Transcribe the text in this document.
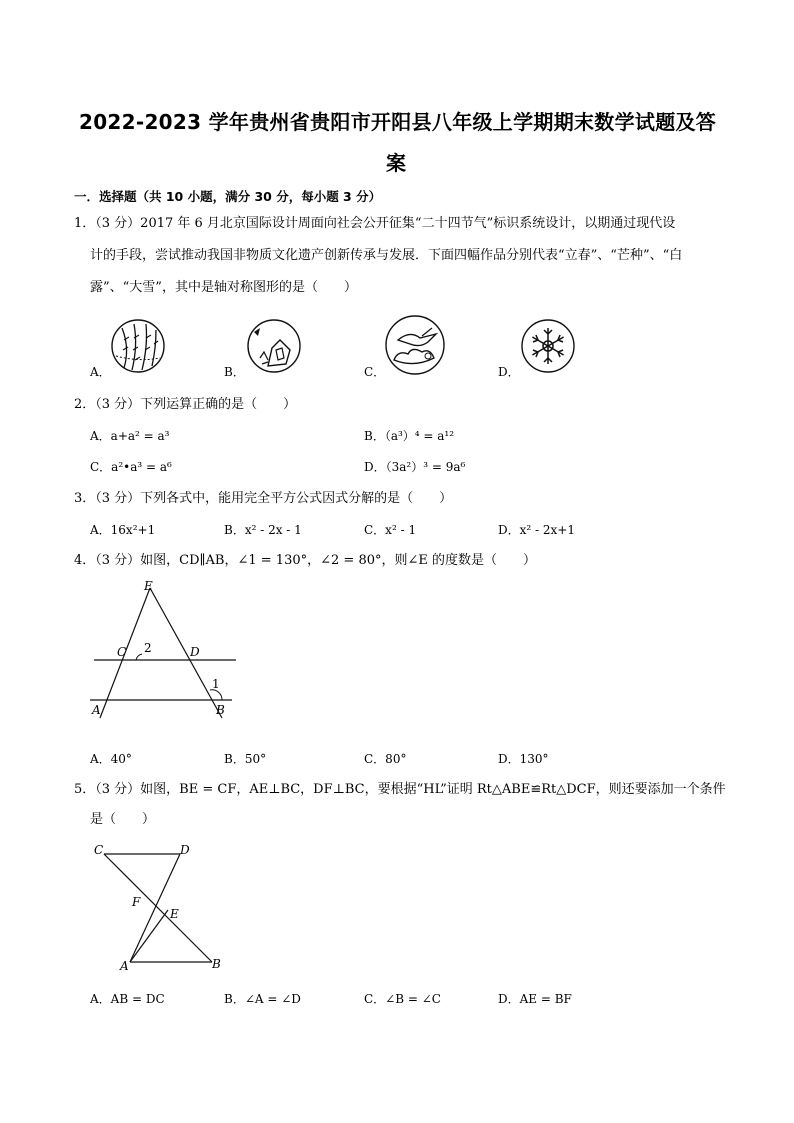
2022-2023 学年贵州省贵阳市开阳县八年级上学期期末数学试题及答
案
一．选择题（共 10 小题，满分 30 分，每小题 3 分）
1．（3 分）2017 年 6 月北京国际设计周面向社会公开征集“二十四节气”标识系统设计，以期通过现代设
计的手段，尝试推动我国非物质文化遗产创新传承与发展．下面四幅作品分别代表“立春”、“芒种”、“白
露”、“大雪”，其中是轴对称图形的是（　　）
A．	B．	C．	D．
2．（3 分）下列运算正确的是（　　）
A．a+a² = a³	B．（a³）⁴ = a¹²
C．a²•a³ = a⁶	D．（3a²）³ = 9a⁶
3．（3 分）下列各式中，能用完全平方公式因式分解的是（　　）
A．16x²+1	B．x² - 2x - 1	C．x² - 1	D．x² - 2x+1
4．（3 分）如图，CD∥AB，∠1 = 130°，∠2 = 80°，则∠E 的度数是（　　）
E
C 2	D
1
A	B
A．40°	B．50°	C．80°	D．130°
5．（3 分）如图，BE = CF，AE⊥BC，DF⊥BC，要根据“HL”证明 Rt△ABE≌Rt△DCF，则还要添加一个条件
是（　　）
C	D
F
E
A	B
A．AB = DC	B．∠A = ∠D	C．∠B = ∠C	D．AE = BF
